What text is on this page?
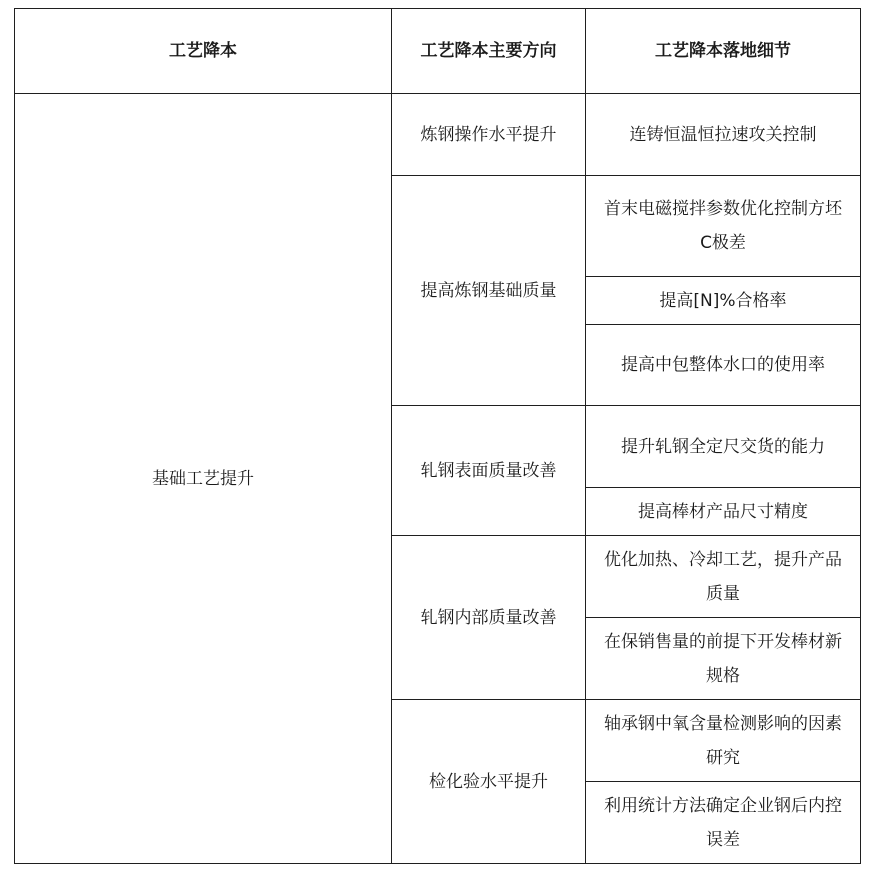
工艺降本	工艺降本主要方向	工艺降本落地细节
基础工艺提升	炼钢操作水平提升	连铸恒温恒拉速攻关控制
	提高炼钢基础质量	首末电磁搅拌参数优化控制方坯C极差
		提高[N]%合格率
		提高中包整体水口的使用率
	轧钢表面质量改善	提升轧钢全定尺交货的能力
		提高棒材产品尺寸精度
	轧钢内部质量改善	优化加热、冷却工艺，提升产品质量
		在保销售量的前提下开发棒材新规格
	检化验水平提升	轴承钢中氧含量检测影响的因素研究
		利用统计方法确定企业钢后内控误差
